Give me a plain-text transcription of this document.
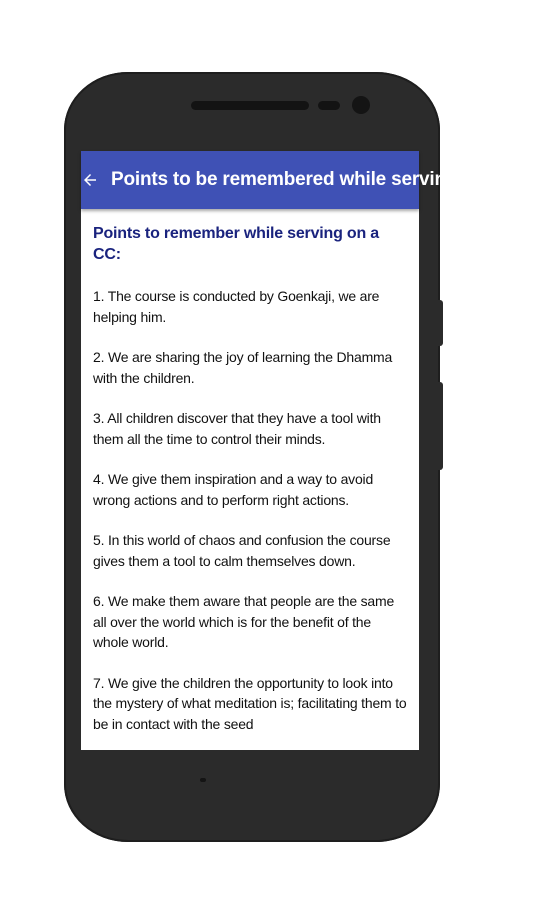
Points to be remembered while serving on a CC
Points to remember while serving on a CC:
1. The course is conducted by Goenkaji, we are helping him.
2. We are sharing the joy of learning the Dhamma with the children.
3. All children discover that they have a tool with them all the time to control their minds.
4. We give them inspiration and a way to avoid wrong actions and to perform right actions.
5. In this world of chaos and confusion the course gives them a tool to calm themselves down.
6. We make them aware that people are the same all over the world which is for the benefit of the whole world.
7. We give the children the opportunity to look into the mystery of what meditation is; facilitating them to be in contact with the seed
